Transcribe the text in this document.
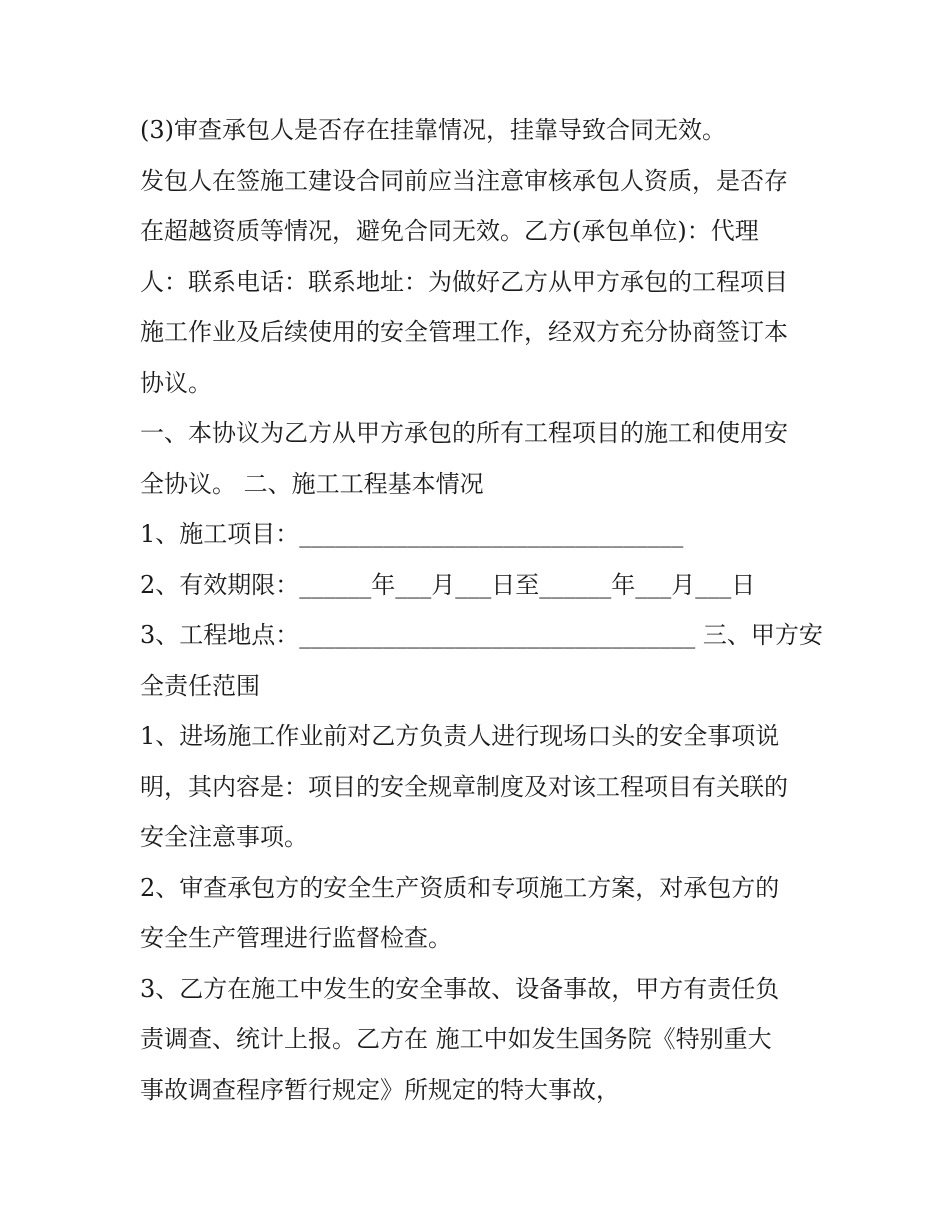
(3)审查承包人是否存在挂靠情况，挂靠导致合同无效。
发包人在签施工建设合同前应当注意审核承包人资质，是否存
在超越资质等情况，避免合同无效。乙方(承包单位)：代理
人：联系电话：联系地址：为做好乙方从甲方承包的工程项目
施工作业及后续使用的安全管理工作，经双方充分协商签订本
协议。
一、本协议为乙方从甲方承包的所有工程项目的施工和使用安
全协议。 二、施工工程基本情况
1、施工项目：________________________________
2、有效期限：______年___月___日至______年___月___日
3、工程地点：_________________________________ 三、甲方安
全责任范围
1、进场施工作业前对乙方负责人进行现场口头的安全事项说
明，其内容是：项目的安全规章制度及对该工程项目有关联的
安全注意事项。
2、审查承包方的安全生产资质和专项施工方案，对承包方的
安全生产管理进行监督检查。
3、乙方在施工中发生的安全事故、设备事故，甲方有责任负
责调查、统计上报。乙方在 施工中如发生国务院《特别重大
事故调查程序暂行规定》所规定的特大事故，
